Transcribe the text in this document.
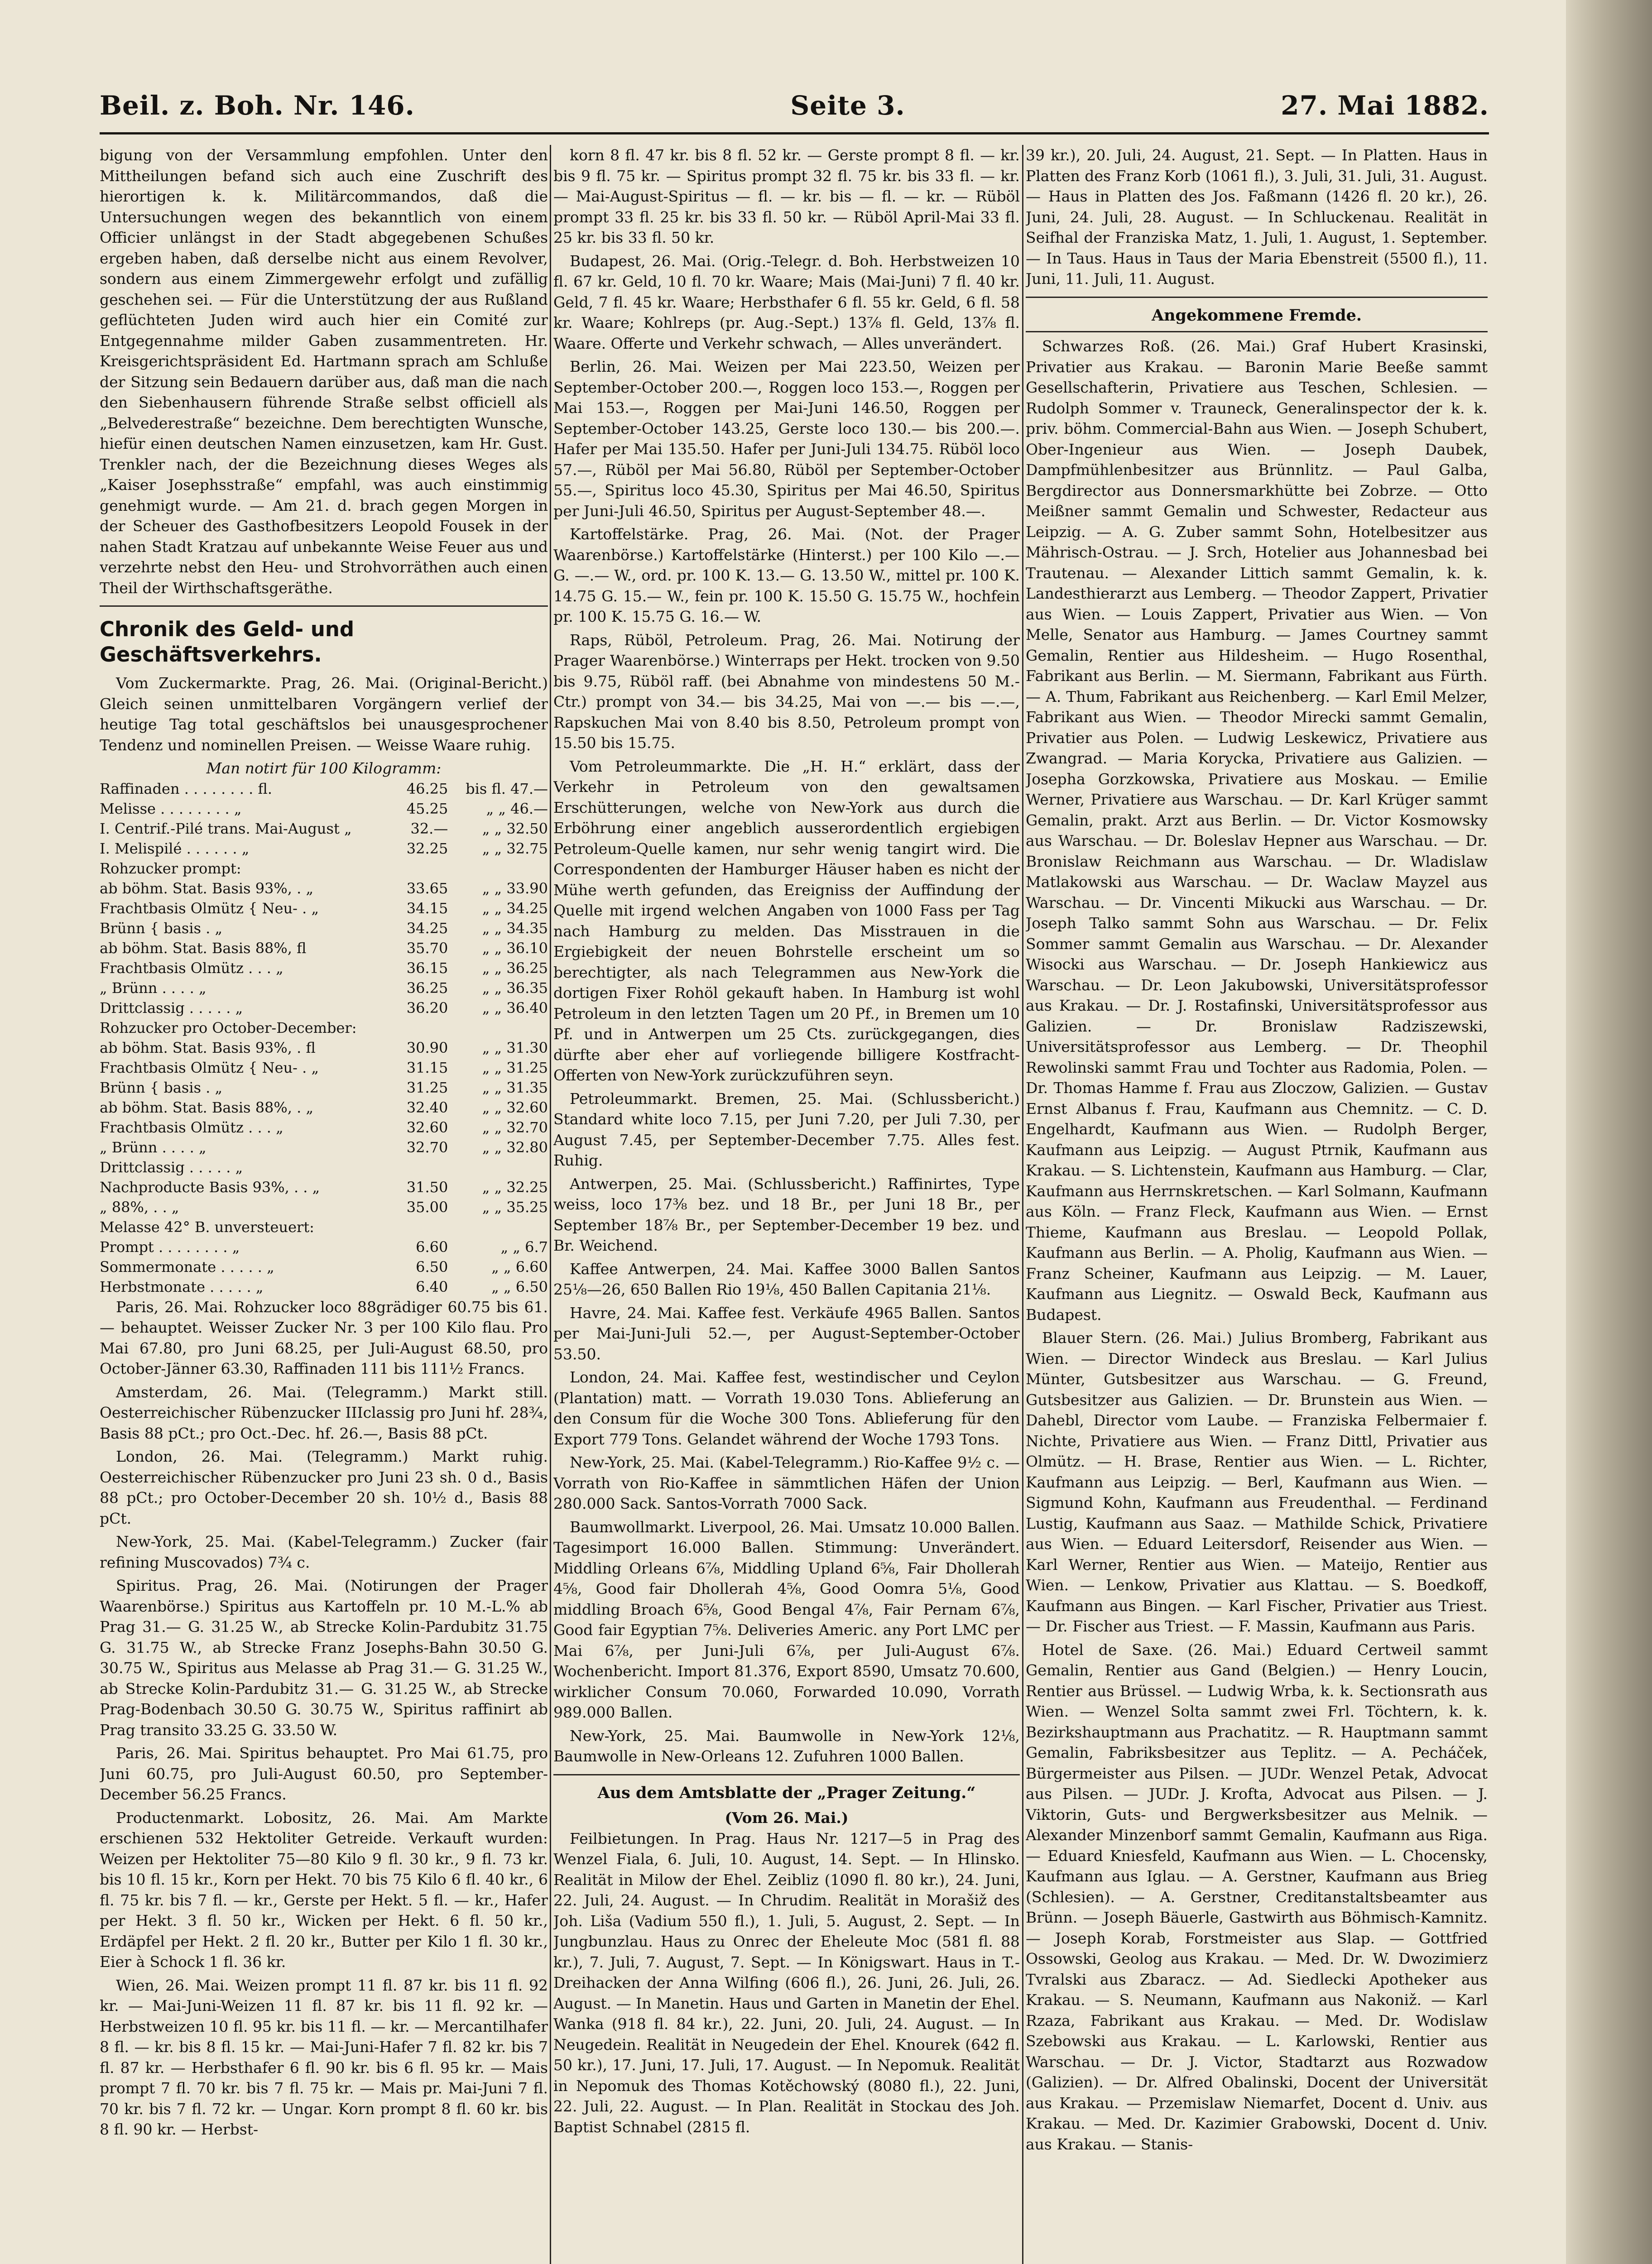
Beil. z. Boh. Nr. 146.	Seite 3.	27. Mai 1882.

bigung von der Versammlung empfohlen. Unter den Mittheilungen befand sich auch eine Zuschrift des hierortigen k. k. Militärcommandos, daß die Untersuchungen wegen des bekanntlich von einem Officier unlängst in der Stadt abgegebenen Schußes ergeben haben, daß derselbe nicht aus einem Revolver, sondern aus einem Zimmergewehr erfolgt und zufällig geschehen sei. — Für die Unterstützung der aus Rußland geflüchteten Juden wird auch hier ein Comité zur Entgegennahme milder Gaben zusammentreten. Hr. Kreisgerichtspräsident Ed. Hartmann sprach am Schluße der Sitzung sein Bedauern darüber aus, daß man die nach den Siebenhausern führende Straße selbst officiell als „Belvederestraße“ bezeichne. Dem berechtigten Wunsche, hiefür einen deutschen Namen einzusetzen, kam Hr. Gust. Trenkler nach, der die Bezeichnung dieses Weges als „Kaiser Josephsstraße“ empfahl, was auch einstimmig genehmigt wurde. — Am 21. d. brach gegen Morgen in der Scheuer des Gasthofbesitzers Leopold Fousek in der nahen Stadt Kratzau auf unbekannte Weise Feuer aus und verzehrte nebst den Heu- und Strohvorräthen auch einen Theil der Wirthschaftsgeräthe.

Chronik des Geld- und Geschäftsverkehrs.

Vom Zuckermarkte. Prag, 26. Mai. (Original-Bericht.) Gleich seinen unmittelbaren Vorgängern verlief der heutige Tag total geschäftslos bei unausgesprochener Tendenz und nominellen Preisen. — Weisse Waare ruhig.

Man notirt für 100 Kilogramm:
Raffinaden . . . . . . . . fl.	46.25	bis fl. 47.—
Melisse . . . . . . . . „	45.25	„ „ 46.—
I. Centrif.-Pilé trans. Mai-August „	32.—	„ „ 32.50
I. Melispilé . . . . . . „	32.25	„ „ 32.75
Rohzucker prompt:		
ab böhm. Stat. Basis 93%, . „	33.65	„ „ 33.90
Frachtbasis Olmütz { Neu- . „	34.15	„ „ 34.25
Brünn { basis . „	34.25	„ „ 34.35
ab böhm. Stat. Basis 88%, fl	35.70	„ „ 36.10
Frachtbasis Olmütz . . . „	36.15	„ „ 36.25
„ Brünn . . . . „	36.25	„ „ 36.35
Drittclassig . . . . . „	36.20	„ „ 36.40
Rohzucker pro October-December:		
ab böhm. Stat. Basis 93%, . fl	30.90	„ „ 31.30
Frachtbasis Olmütz { Neu- . „	31.15	„ „ 31.25
Brünn { basis . „	31.25	„ „ 31.35
ab böhm. Stat. Basis 88%, . „	32.40	„ „ 32.60
Frachtbasis Olmütz . . . „	32.60	„ „ 32.70
„ Brünn . . . . „	32.70	„ „ 32.80
Drittclassig . . . . . „		
Nachproducte Basis 93%, . . „	31.50	„ „ 32.25
„ 88%, . . „	35.00	„ „ 35.25
Melasse 42° B. unversteuert:		
Prompt . . . . . . . . „	6.60	„ „ 6.7
Sommermonate . . . . . „	6.50	„ „ 6.60
Herbstmonate . . . . . „	6.40	„ „ 6.50

Paris, 26. Mai. Rohzucker loco 88grädiger 60.75 bis 61.— behauptet. Weisser Zucker Nr. 3 per 100 Kilo flau. Pro Mai 67.80, pro Juni 68.25, per Juli-August 68.50, pro October-Jänner 63.30, Raffinaden 111 bis 111½ Francs.

Amsterdam, 26. Mai. (Telegramm.) Markt still. Oesterreichischer Rübenzucker IIIclassig pro Juni hf. 28¾, Basis 88 pCt.; pro Oct.-Dec. hf. 26.—, Basis 88 pCt.

London, 26. Mai. (Telegramm.) Markt ruhig. Oesterreichischer Rübenzucker pro Juni 23 sh. 0 d., Basis 88 pCt.; pro October-December 20 sh. 10½ d., Basis 88 pCt.

New-York, 25. Mai. (Kabel-Telegramm.) Zucker (fair refining Muscovados) 7¾ c.

Spiritus. Prag, 26. Mai. (Notirungen der Prager Waarenbörse.) Spiritus aus Kartoffeln pr. 10 M.-L.% ab Prag 31.— G. 31.25 W., ab Strecke Kolin-Pardubitz 31.75 G. 31.75 W., ab Strecke Franz Josephs-Bahn 30.50 G. 30.75 W., Spiritus aus Melasse ab Prag 31.— G. 31.25 W., ab Strecke Kolin-Pardubitz 31.— G. 31.25 W., ab Strecke Prag-Bodenbach 30.50 G. 30.75 W., Spiritus raffinirt ab Prag transito 33.25 G. 33.50 W.

Paris, 26. Mai. Spiritus behauptet. Pro Mai 61.75, pro Juni 60.75, pro Juli-August 60.50, pro September-December 56.25 Francs.

Productenmarkt. Lobositz, 26. Mai. Am Markte erschienen 532 Hektoliter Getreide. Verkauft wurden: Weizen per Hektoliter 75—80 Kilo 9 fl. 30 kr., 9 fl. 73 kr. bis 10 fl. 15 kr., Korn per Hekt. 70 bis 75 Kilo 6 fl. 40 kr., 6 fl. 75 kr. bis 7 fl. — kr., Gerste per Hekt. 5 fl. — kr., Hafer per Hekt. 3 fl. 50 kr., Wicken per Hekt. 6 fl. 50 kr., Erdäpfel per Hekt. 2 fl. 20 kr., Butter per Kilo 1 fl. 30 kr., Eier à Schock 1 fl. 36 kr.

Wien, 26. Mai. Weizen prompt 11 fl. 87 kr. bis 11 fl. 92 kr. — Mai-Juni-Weizen 11 fl. 87 kr. bis 11 fl. 92 kr. — Herbstweizen 10 fl. 95 kr. bis 11 fl. — kr. — Mercantilhafer 8 fl. — kr. bis 8 fl. 15 kr. — Mai-Juni-Hafer 7 fl. 82 kr. bis 7 fl. 87 kr. — Herbsthafer 6 fl. 90 kr. bis 6 fl. 95 kr. — Mais prompt 7 fl. 70 kr. bis 7 fl. 75 kr. — Mais pr. Mai-Juni 7 fl. 70 kr. bis 7 fl. 72 kr. — Ungar. Korn prompt 8 fl. 60 kr. bis 8 fl. 90 kr. — Herbst-

korn 8 fl. 47 kr. bis 8 fl. 52 kr. — Gerste prompt 8 fl. — kr. bis 9 fl. 75 kr. — Spiritus prompt 32 fl. 75 kr. bis 33 fl. — kr. — Mai-August-Spiritus — fl. — kr. bis — fl. — kr. — Rüböl prompt 33 fl. 25 kr. bis 33 fl. 50 kr. — Rüböl April-Mai 33 fl. 25 kr. bis 33 fl. 50 kr.

Budapest, 26. Mai. (Orig.-Telegr. d. Boh. Herbstweizen 10 fl. 67 kr. Geld, 10 fl. 70 kr. Waare; Mais (Mai-Juni) 7 fl. 40 kr. Geld, 7 fl. 45 kr. Waare; Herbsthafer 6 fl. 55 kr. Geld, 6 fl. 58 kr. Waare; Kohlreps (pr. Aug.-Sept.) 13⅞ fl. Geld, 13⅞ fl. Waare. Offerte und Verkehr schwach, — Alles unverändert.

Berlin, 26. Mai. Weizen per Mai 223.50, Weizen per September-October 200.—, Roggen loco 153.—, Roggen per Mai 153.—, Roggen per Mai-Juni 146.50, Roggen per September-October 143.25, Gerste loco 130.— bis 200.—. Hafer per Mai 135.50. Hafer per Juni-Juli 134.75. Rüböl loco 57.—, Rüböl per Mai 56.80, Rüböl per September-October 55.—, Spiritus loco 45.30, Spiritus per Mai 46.50, Spiritus per Juni-Juli 46.50, Spiritus per August-September 48.—.

Kartoffelstärke. Prag, 26. Mai. (Not. der Prager Waarenbörse.) Kartoffelstärke (Hinterst.) per 100 Kilo —.— G. —.— W., ord. pr. 100 K. 13.— G. 13.50 W., mittel pr. 100 K. 14.75 G. 15.— W., fein pr. 100 K. 15.50 G. 15.75 W., hochfein pr. 100 K. 15.75 G. 16.— W.

Raps, Rüböl, Petroleum. Prag, 26. Mai. Notirung der Prager Waarenbörse.) Winterraps per Hekt. trocken von 9.50 bis 9.75, Rüböl raff. (bei Abnahme von mindestens 50 M.-Ctr.) prompt von 34.— bis 34.25, Mai von —.— bis —.—, Rapskuchen Mai von 8.40 bis 8.50, Petroleum prompt von 15.50 bis 15.75.

Vom Petroleummarkte. Die „H. H.“ erklärt, dass der Verkehr in Petroleum von den gewaltsamen Erschütterungen, welche von New-York aus durch die Erböhrung einer angeblich ausserordentlich ergiebigen Petroleum-Quelle kamen, nur sehr wenig tangirt wird. Die Correspondenten der Hamburger Häuser haben es nicht der Mühe werth gefunden, das Ereigniss der Auffindung der Quelle mit irgend welchen Angaben von 1000 Fass per Tag nach Hamburg zu melden. Das Misstrauen in die Ergiebigkeit der neuen Bohrstelle erscheint um so berechtigter, als nach Telegrammen aus New-York die dortigen Fixer Rohöl gekauft haben. In Hamburg ist wohl Petroleum in den letzten Tagen um 20 Pf., in Bremen um 10 Pf. und in Antwerpen um 25 Cts. zurückgegangen, dies dürfte aber eher auf vorliegende billigere Kostfracht-Offerten von New-York zurückzuführen seyn.

Petroleummarkt. Bremen, 25. Mai. (Schlussbericht.) Standard white loco 7.15, per Juni 7.20, per Juli 7.30, per August 7.45, per September-December 7.75. Alles fest. Ruhig.

Antwerpen, 25. Mai. (Schlussbericht.) Raffinirtes, Type weiss, loco 17⅜ bez. und 18 Br., per Juni 18 Br., per September 18⅞ Br., per September-December 19 bez. und Br. Weichend.

Kaffee Antwerpen, 24. Mai. Kaffee 3000 Ballen Santos 25⅛—26, 650 Ballen Rio 19⅛, 450 Ballen Capitania 21⅛.

Havre, 24. Mai. Kaffee fest. Verkäufe 4965 Ballen. Santos per Mai-Juni-Juli 52.—, per August-September-October 53.50.

London, 24. Mai. Kaffee fest, westindischer und Ceylon (Plantation) matt. — Vorrath 19.030 Tons. Ablieferung an den Consum für die Woche 300 Tons. Ablieferung für den Export 779 Tons. Gelandet während der Woche 1793 Tons.

New-York, 25. Mai. (Kabel-Telegramm.) Rio-Kaffee 9½ c. — Vorrath von Rio-Kaffee in sämmtlichen Häfen der Union 280.000 Sack. Santos-Vorrath 7000 Sack.

Baumwollmarkt. Liverpool, 26. Mai. Umsatz 10.000 Ballen. Tagesimport 16.000 Ballen. Stimmung: Unverändert. Middling Orleans 6⅞, Middling Upland 6⅝, Fair Dhollerah 4⅝, Good fair Dhollerah 4⅝, Good Oomra 5⅛, Good middling Broach 6⅝, Good Bengal 4⅞, Fair Pernam 6⅞, Good fair Egyptian 7⅝. Deliveries Americ. any Port LMC per Mai 6⅞, per Juni-Juli 6⅞, per Juli-August 6⅞. Wochenbericht. Import 81.376, Export 8590, Umsatz 70.600, wirklicher Consum 70.060, Forwarded 10.090, Vorrath 989.000 Ballen.

New-York, 25. Mai. Baumwolle in New-York 12⅛, Baumwolle in New-Orleans 12. Zufuhren 1000 Ballen.

Aus dem Amtsblatte der „Prager Zeitung.“
(Vom 26. Mai.)

Feilbietungen. In Prag. Haus Nr. 1217—5 in Prag des Wenzel Fiala, 6. Juli, 10. August, 14. Sept. — In Hlinsko. Realität in Milow der Ehel. Zeibliz (1090 fl. 80 kr.), 24. Juni, 22. Juli, 24. August. — In Chrudim. Realität in Morašiž des Joh. Liša (Vadium 550 fl.), 1. Juli, 5. August, 2. Sept. — In Jungbunzlau. Haus zu Onrec der Eheleute Moc (581 fl. 88 kr.), 7. Juli, 7. August, 7. Sept. — In Königswart. Haus in T.-Dreihacken der Anna Wilfing (606 fl.), 26. Juni, 26. Juli, 26. August. — In Manetin. Haus und Garten in Manetin der Ehel. Wanka (918 fl. 84 kr.), 22. Juni, 20. Juli, 24. August. — In Neugedein. Realität in Neugedein der Ehel. Knourek (642 fl. 50 kr.), 17. Juni, 17. Juli, 17. August. — In Nepomuk. Realität in Nepomuk des Thomas Kotěchowský (8080 fl.), 22. Juni, 22. Juli, 22. August. — In Plan. Realität in Stockau des Joh. Baptist Schnabel (2815 fl.

39 kr.), 20. Juli, 24. August, 21. Sept. — In Platten. Haus in Platten des Franz Korb (1061 fl.), 3. Juli, 31. Juli, 31. August. — Haus in Platten des Jos. Faßmann (1426 fl. 20 kr.), 26. Juni, 24. Juli, 28. August. — In Schluckenau. Realität in Seifhal der Franziska Matz, 1. Juli, 1. August, 1. September. — In Taus. Haus in Taus der Maria Ebenstreit (5500 fl.), 11. Juni, 11. Juli, 11. August.

Angekommene Fremde.

Schwarzes Roß. (26. Mai.) Graf Hubert Krasinski, Privatier aus Krakau. — Baronin Marie Beeße sammt Gesellschafterin, Privatiere aus Teschen, Schlesien. — Rudolph Sommer v. Trauneck, Generalinspector der k. k. priv. böhm. Commercial-Bahn aus Wien. — Joseph Schubert, Ober-Ingenieur aus Wien. — Joseph Daubek, Dampfmühlenbesitzer aus Brünnlitz. — Paul Galba, Bergdirector aus Donnersmarkhütte bei Zobrze. — Otto Meißner sammt Gemalin und Schwester, Redacteur aus Leipzig. — A. G. Zuber sammt Sohn, Hotelbesitzer aus Mährisch-Ostrau. — J. Srch, Hotelier aus Johannesbad bei Trautenau. — Alexander Littich sammt Gemalin, k. k. Landesthierarzt aus Lemberg. — Theodor Zappert, Privatier aus Wien. — Louis Zappert, Privatier aus Wien. — Von Melle, Senator aus Hamburg. — James Courtney sammt Gemalin, Rentier aus Hildesheim. — Hugo Rosenthal, Fabrikant aus Berlin. — M. Siermann, Fabrikant aus Fürth. — A. Thum, Fabrikant aus Reichenberg. — Karl Emil Melzer, Fabrikant aus Wien. — Theodor Mirecki sammt Gemalin, Privatier aus Polen. — Ludwig Leskewicz, Privatiere aus Zwangrad. — Maria Korycka, Privatiere aus Galizien. — Josepha Gorzkowska, Privatiere aus Moskau. — Emilie Werner, Privatiere aus Warschau. — Dr. Karl Krüger sammt Gemalin, prakt. Arzt aus Berlin. — Dr. Victor Kosmowsky aus Warschau. — Dr. Boleslav Hepner aus Warschau. — Dr. Bronislaw Reichmann aus Warschau. — Dr. Wladislaw Matlakowski aus Warschau. — Dr. Waclaw Mayzel aus Warschau. — Dr. Vincenti Mikucki aus Warschau. — Dr. Joseph Talko sammt Sohn aus Warschau. — Dr. Felix Sommer sammt Gemalin aus Warschau. — Dr. Alexander Wisocki aus Warschau. — Dr. Joseph Hankiewicz aus Warschau. — Dr. Leon Jakubowski, Universitätsprofessor aus Krakau. — Dr. J. Rostafinski, Universitätsprofessor aus Galizien. — Dr. Bronislaw Radziszewski, Universitätsprofessor aus Lemberg. — Dr. Theophil Rewolinski sammt Frau und Tochter aus Radomia, Polen. — Dr. Thomas Hamme f. Frau aus Zloczow, Galizien. — Gustav Ernst Albanus f. Frau, Kaufmann aus Chemnitz. — C. D. Engelhardt, Kaufmann aus Wien. — Rudolph Berger, Kaufmann aus Leipzig. — August Ptrnik, Kaufmann aus Krakau. — S. Lichtenstein, Kaufmann aus Hamburg. — Clar, Kaufmann aus Herrnskretschen. — Karl Solmann, Kaufmann aus Köln. — Franz Fleck, Kaufmann aus Wien. — Ernst Thieme, Kaufmann aus Breslau. — Leopold Pollak, Kaufmann aus Berlin. — A. Pholig, Kaufmann aus Wien. — Franz Scheiner, Kaufmann aus Leipzig. — M. Lauer, Kaufmann aus Liegnitz. — Oswald Beck, Kaufmann aus Budapest.

Blauer Stern. (26. Mai.) Julius Bromberg, Fabrikant aus Wien. — Director Windeck aus Breslau. — Karl Julius Münter, Gutsbesitzer aus Warschau. — G. Freund, Gutsbesitzer aus Galizien. — Dr. Brunstein aus Wien. — Dahebl, Director vom Laube. — Franziska Felbermaier f. Nichte, Privatiere aus Wien. — Franz Dittl, Privatier aus Olmütz. — H. Brase, Rentier aus Wien. — L. Richter, Kaufmann aus Leipzig. — Berl, Kaufmann aus Wien. — Sigmund Kohn, Kaufmann aus Freudenthal. — Ferdinand Lustig, Kaufmann aus Saaz. — Mathilde Schick, Privatiere aus Wien. — Eduard Leitersdorf, Reisender aus Wien. — Karl Werner, Rentier aus Wien. — Mateijo, Rentier aus Wien. — Lenkow, Privatier aus Klattau. — S. Boedkoff, Kaufmann aus Bingen. — Karl Fischer, Privatier aus Triest. — Dr. Fischer aus Triest. — F. Massin, Kaufmann aus Paris.

Hotel de Saxe. (26. Mai.) Eduard Certweil sammt Gemalin, Rentier aus Gand (Belgien.) — Henry Loucin, Rentier aus Brüssel. — Ludwig Wrba, k. k. Sectionsrath aus Wien. — Wenzel Solta sammt zwei Frl. Töchtern, k. k. Bezirkshauptmann aus Prachatitz. — R. Hauptmann sammt Gemalin, Fabriksbesitzer aus Teplitz. — A. Pecháček, Bürgermeister aus Pilsen. — JUDr. Wenzel Petak, Advocat aus Pilsen. — JUDr. J. Krofta, Advocat aus Pilsen. — J. Viktorin, Guts- und Bergwerksbesitzer aus Melnik. — Alexander Minzenborf sammt Gemalin, Kaufmann aus Riga. — Eduard Kniesfeld, Kaufmann aus Wien. — L. Chocensky, Kaufmann aus Iglau. — A. Gerstner, Kaufmann aus Brieg (Schlesien). — A. Gerstner, Creditanstaltsbeamter aus Brünn. — Joseph Bäuerle, Gastwirth aus Böhmisch-Kamnitz. — Joseph Korab, Forstmeister aus Slap. — Gottfried Ossowski, Geolog aus Krakau. — Med. Dr. W. Dwozimierz Tvralski aus Zbaracz. — Ad. Siedlecki Apotheker aus Krakau. — S. Neumann, Kaufmann aus Nakoniž. — Karl Rzaza, Fabrikant aus Krakau. — Med. Dr. Wodislaw Szebowski aus Krakau. — L. Karlowski, Rentier aus Warschau. — Dr. J. Victor, Stadtarzt aus Rozwadow (Galizien). — Dr. Alfred Obalinski, Docent der Universität aus Krakau. — Przemislaw Niemarfet, Docent d. Univ. aus Krakau. — Med. Dr. Kazimier Grabowski, Docent d. Univ. aus Krakau. — Stanis-
